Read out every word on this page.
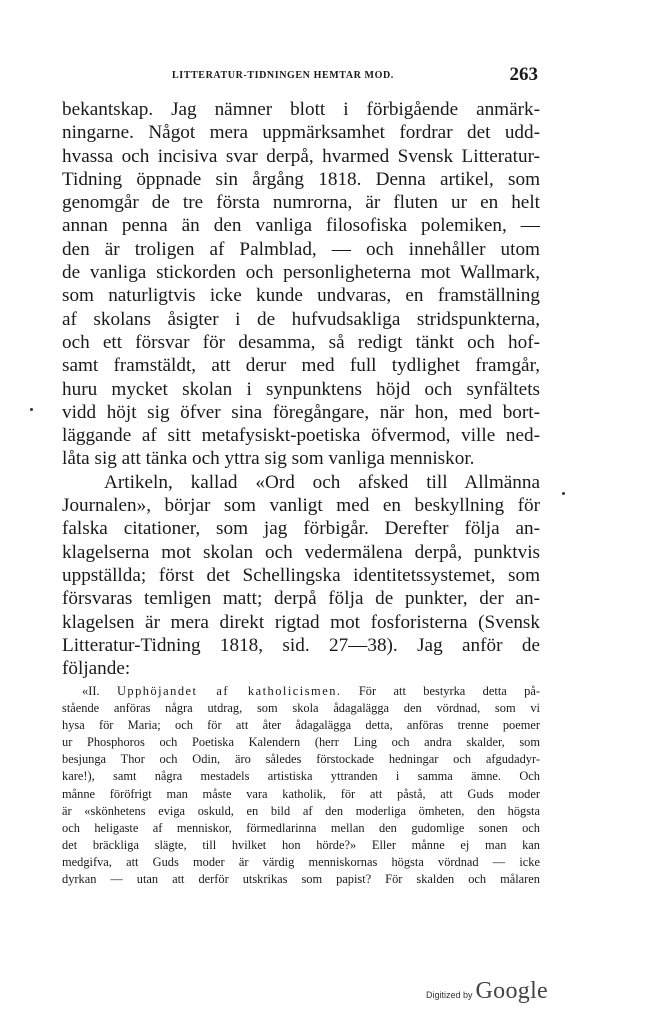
LITTERATUR-TIDNINGEN HEMTAR MOD.	263
bekantskap. Jag nämner blott i förbigående anmärk-
ningarne. Något mera uppmärksamhet fordrar det udd-
hvassa och incisiva svar derpå, hvarmed Svensk Litteratur-
Tidning öppnade sin årgång 1818. Denna artikel, som
genomgår de tre första numrorna, är fluten ur en helt
annan penna än den vanliga filosofiska polemiken, —
den är troligen af Palmblad, — och innehåller utom
de vanliga stickorden och personligheterna mot Wallmark,
som naturligtvis icke kunde undvaras, en framställning
af skolans åsigter i de hufvudsakliga stridspunkterna,
och ett försvar för desamma, så redigt tänkt och hof-
samt framstäldt, att derur med full tydlighet framgår,
huru mycket skolan i synpunktens höjd och synfältets
vidd höjt sig öfver sina föregångare, när hon, med bort-
läggande af sitt metafysiskt-poetiska öfvermod, ville ned-
låta sig att tänka och yttra sig som vanliga menniskor.
Artikeln, kallad «Ord och afsked till Allmänna
Journalen», börjar som vanligt med en beskyllning för
falska citationer, som jag förbigår. Derefter följa an-
klagelserna mot skolan och vedermälena derpå, punktvis
uppställda; först det Schellingska identitetssystemet, som
försvaras temligen matt; derpå följa de punkter, der an-
klagelsen är mera direkt rigtad mot fosforisterna (Svensk
Litteratur-Tidning 1818, sid. 27—38). Jag anför de
följande:
«II. Upphöjandet af katholicismen. För att bestyrka detta på-
stående anföras några utdrag, som skola ådagalägga den vördnad, som vi
hysa för Maria; och för att åter ådagalägga detta, anföras trenne poemer
ur Phosphoros och Poetiska Kalendern (herr Ling och andra skalder, som
besjunga Thor och Odin, äro således förstockade hedningar och afgudadyr-
kare!), samt några mestadels artistiska yttranden i samma ämne. Och
månne föröfrigt man måste vara katholik, för att påstå, att Guds moder
är «skönhetens eviga oskuld, en bild af den moderliga ömheten, den högsta
och heligaste af menniskor, förmedlarinna mellan den gudomlige sonen och
det bräckliga slägte, till hvilket hon hörde?» Eller månne ej man kan
medgifva, att Guds moder är värdig menniskornas högsta vördnad — icke
dyrkan — utan att derför utskrikas som papist? För skalden och målaren
Digitized by Google
